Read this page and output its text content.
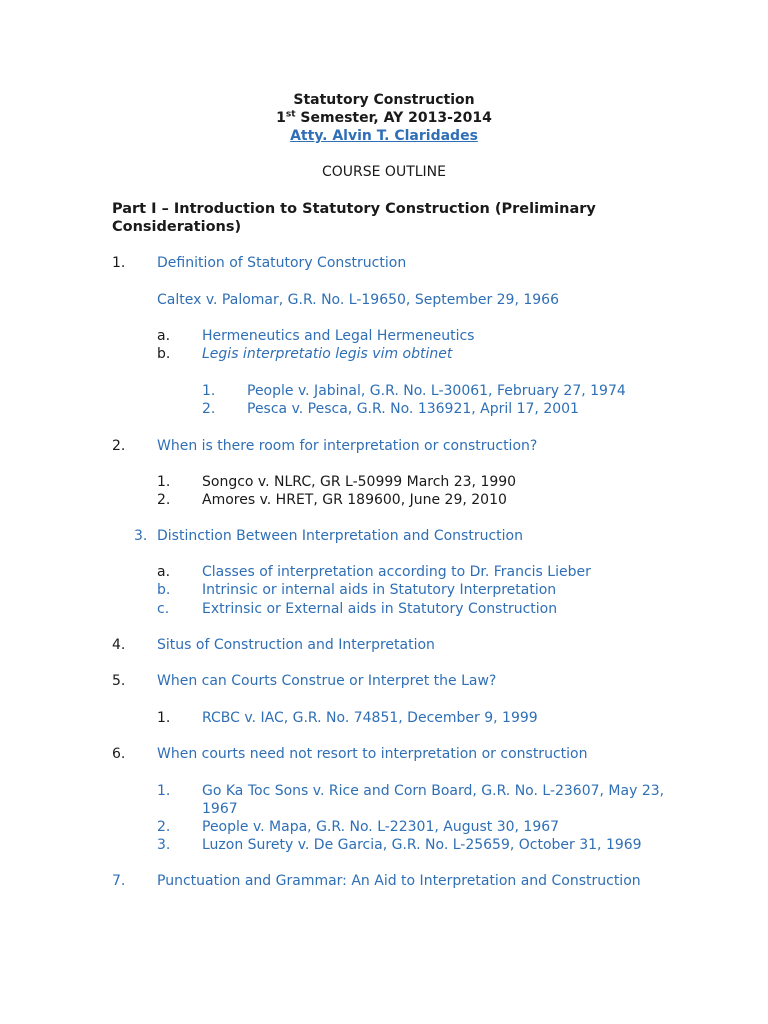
Statutory Construction
1st Semester, AY 2013-2014
Atty. Alvin T. Claridades
COURSE OUTLINE
Part I – Introduction to Statutory Construction (Preliminary Considerations)
1. Definition of Statutory Construction
Caltex v. Palomar, G.R. No. L-19650, September 29, 1966
a. Hermeneutics and Legal Hermeneutics
b. Legis interpretatio legis vim obtinet
1. People v. Jabinal, G.R. No. L-30061, February 27, 1974
2. Pesca v. Pesca, G.R. No. 136921, April 17, 2001
2. When is there room for interpretation or construction?
1. Songco v. NLRC, GR L-50999 March 23, 1990
2. Amores v. HRET, GR 189600, June 29, 2010
3. Distinction Between Interpretation and Construction
a. Classes of interpretation according to Dr. Francis Lieber
b. Intrinsic or internal aids in Statutory Interpretation
c. Extrinsic or External aids in Statutory Construction
4. Situs of Construction and Interpretation
5. When can Courts Construe or Interpret the Law?
1. RCBC v. IAC, G.R. No. 74851, December 9, 1999
6. When courts need not resort to interpretation or construction
1. Go Ka Toc Sons v. Rice and Corn Board, G.R. No. L-23607, May 23,
1967
2. People v. Mapa, G.R. No. L-22301, August 30, 1967
3. Luzon Surety v. De Garcia, G.R. No. L-25659, October 31, 1969
7. Punctuation and Grammar: An Aid to Interpretation and Construction
